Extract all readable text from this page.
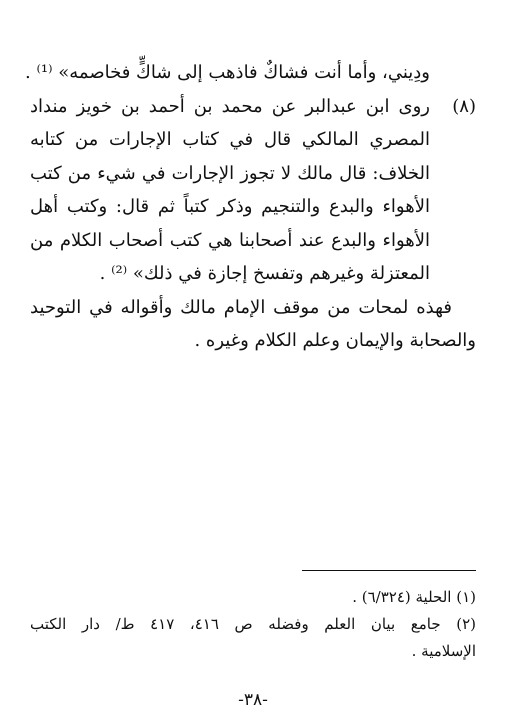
ودِيني، وأما أنت فشاكٌ فاذهب إلى شاكٍّ فخاصمه» ⁽¹⁾ .
(٨)روى ابن عبدالبر عن محمد بن أحمد بن خويز منداد
المصري المالكي قال في كتاب الإجارات من كتابه
الخلاف: قال مالك لا تجوز الإجارات في شيء من كتب
الأهواء والبدع والتنجيم وذكر كتباً ثم قال: وكتب أهل
الأهواء والبدع عند أصحابنا هي كتب أصحاب الكلام من
المعتزلة وغيرهم وتفسخ إجازة في ذلك» ⁽²⁾ .
فهذه لمحات من موقف الإمام مالك وأقواله في التوحيد
والصحابة والإيمان وعلم الكلام وغيره .
(١) الحلية (٦/٣٢٤) .
(٢) جامع بيان العلم وفضله ص ٤١٦، ٤١٧ ط/ دار الكتب
الإسلامية .
-٣٨-
